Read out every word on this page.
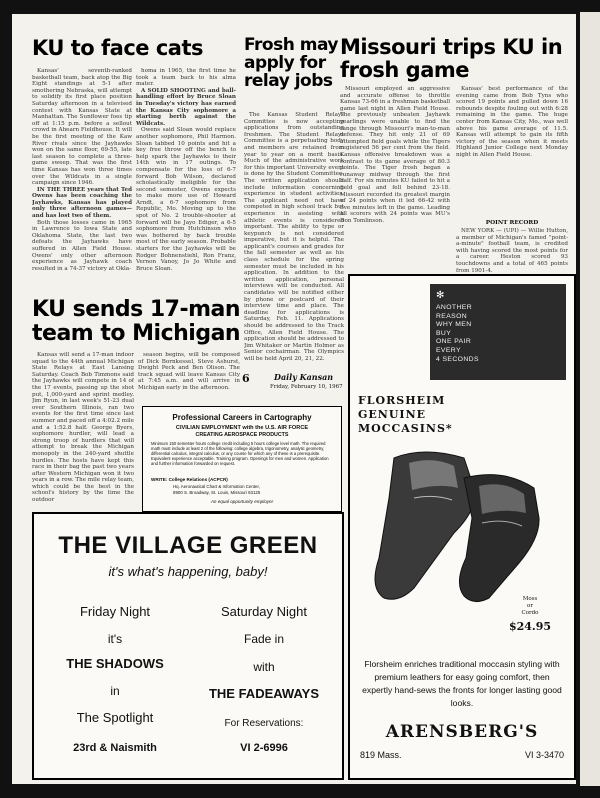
KU to face cats

Kansas' seventh-ranked basketball team, back atop the Big Eight standings at 5-1 after smothering Nebraska, will attempt to solidify its first place position Saturday afternoon in a televised contest with Kansas State at Manhattan. The Sunflower foes tip off at 1:15 p.m. before a sellout crowd in Ahearn Fieldhouse. It will be the first meeting of the Kaw River rivals since the Jayhawks won on the same floor, 69-55, late last season to complete a three-game sweep. That was the first time Kansas has won three times over the Wildcats in a single campaign since 1946.

IN THE THREE years that Ted Owens has been coaching the Jayhawks, Kansas has played only three afternoon games—and has lost two of them.

Both those losses came in 1965 in Lawrence to Iowa State and Oklahoma State, the last two defeats the Jayhawks have suffered in Allen Field House. Owens' only other afternoon experience as Jayhawk coach resulted in a 74-37 victory at Okla-

homa in 1965, the first time he took a team back to his alma mater.

A SOLID SHOOTING and ball-handling effort by Bruce Sloan in Tuesday's victory has earned the Kansas City sophomore a starting berth against the Wildcats.

Owens said Sloan would replace another sophomore, Phil Harmon. Sloan tabbed 10 points and hit a key free throw off the bench to help spark the Jayhawks to their 14th win in 17 outings. To compensate for the loss of 6-7 forward Bob Wilson, declared scholastically ineligible for the second semester, Owens expects to make more use of Howard Arndt, a 6-7 sophomore from Republic, Mo. Moving up to the spot of No. 2 trouble-shooter at forward will be Jayo Ediger, a 6-5 sophomore from Hutchinson who was bothered by back trouble most of the early season. Probable starters for the Jayhawks will be Rodger Bohnenstiehl, Ron Franz, Vernon Vanoy, Jo Jo White and Bruce Sloan.

Frosh may apply for relay jobs

The Kansas Student Relays Committee is now accepting applications from outstanding freshmen. The Student Relays Committee is a perpetuating body and members are retained from year to year on a merit basis. Much of the administrative work for this important University event is done by the Student Committee. The written application should include information concerning experience in student activities. The applicant need not have competed in high school track but experience in assisting with athletic events is considered important. The ability to type or keypunch is not considered imperative, but it is helpful. The applicant's courses and grades for the fall semester as well as his class schedule for the spring semester must be included in his application. In addition to the written application, personal interviews will be conducted. All candidates will be notified either by phone or postcard of their interview time and place. The deadline for applications is Saturday, Feb. 11. Applications should be addressed to the Track Office, Allen Field House. The application should be addressed to Jim Whitaker or Martin Holmer as Senior cochairman. The Olympics will be held April 20, 21, 22.

Missouri trips KU in frosh game

Missouri employed an aggressive and accurate offense to throttle Kansas 73-66 in a freshman basketball game last night in Allen Field House. The previously unbeaten Jayhawk yearlings were unable to find the range through Missouri's man-to-man defense. They hit only 21 of 69 attempted field goals while the Tigers registered 56 per cent from the field. Kansas offensive breakdown was a contrast to its game average of 80.3 points. The Tiger frosh began a runaway midway through the first half. For six minutes KU failed to hit a field goal and fell behind 23-18. Missouri recorded its greatest margin of 24 points when it led 66-42 with five minutes left in the game. Leading all scorers with 24 points was MU's Don Tomlinson.

Kansas' best performance of the evening came from Bob Tyns who scored 19 points and pulled down 16 rebounds despite fouling out with 6:28 remaining in the game. The huge center from Kansas City, Mo., was well above his game average of 11.5. Kansas will attempt to gain its fifth victory of the season when it meets Highland Junior College next Monday night in Allen Field House.

POINT RECORD

NEW YORK — (UPI) — Willie Hutton, a member of Michigan's famed "point-a-minute" football team, is credited with having scored the most points for a career. Heston scored 93 touchdowns and a total of 465 points from 1901-4.

KU sends 17-man team to Michigan

Kansas will send a 17-man indoor squad to the 44th annual Michigan State Relays at East Lansing Saturday. Coach Bob Timmons said the Jayhawks will compete in 14 of the 17 events, passing up the shot put, 1,000-yard and sprint medley. Jim Ryun, in last week's 51-23 dual over Southern Illinois, ran two events for the first time since last summer and paced off a 4:02.2 mile and a 1:52.8 half. George Byers, sophomore hurdler, will lead a strong troop of hurdlers that will attempt to break the Michigan monopoly in the 240-yard shuttle hurdles. The hosts have kept this race in their bag the past two years after Western Michigan won it two years in a row. The mile relay team, which could be the best in the school's history by the time the outdoor

season begins, will be composed of Dick Bornkessel, Steve Ashurst, Dwight Peck and Ben Olison. The track squad will leave Kansas City at 7:45 a.m. and will arrive in Michigan early in the afternoon.

6	Daily Kansan
Friday, February 10, 1967
Professional Careers in Cartography
CIVILIAN EMPLOYMENT with the U.S. AIR FORCE
CREATING AEROSPACE PRODUCTS
Minimum 150 semester hours college credit including 5 hours college level math. The required math must include at least 2 of the following: college algebra, trigonometry, analytic geometry, differential calculus, integral calculus, or any course for which any of these is a prerequisite. Equivalent experience acceptable. Training program. Openings for men and women. Application and further information forwarded on request.
WRITE: College Relations (ACPCR)
Hq. Aeronautical Chart & Information Center,
8900 S. Broadway, St. Louis, Missouri 63125
An equal opportunity employer
THE VILLAGE GREEN
it's what's happening, baby!
Friday Night	Saturday Night
it's	Fade in
THE SHADOWS	with
in	THE FADEAWAYS
The Spotlight	For Reservations:
23rd & Naismith	VI 2-6996
✻
ANOTHER
REASON
WHY MEN
BUY
ONE PAIR
EVERY
4 SECONDS
FLORSHEIM
GENUINE
MOCCASINS*
Moss
or
Cordo
$24.95
Florsheim enriches traditional moccasin styling with premium leathers for easy going comfort, then expertly hand-sews the fronts for longer lasting good looks.
ARENSBERG'S
819 Mass.	VI 3-3470
